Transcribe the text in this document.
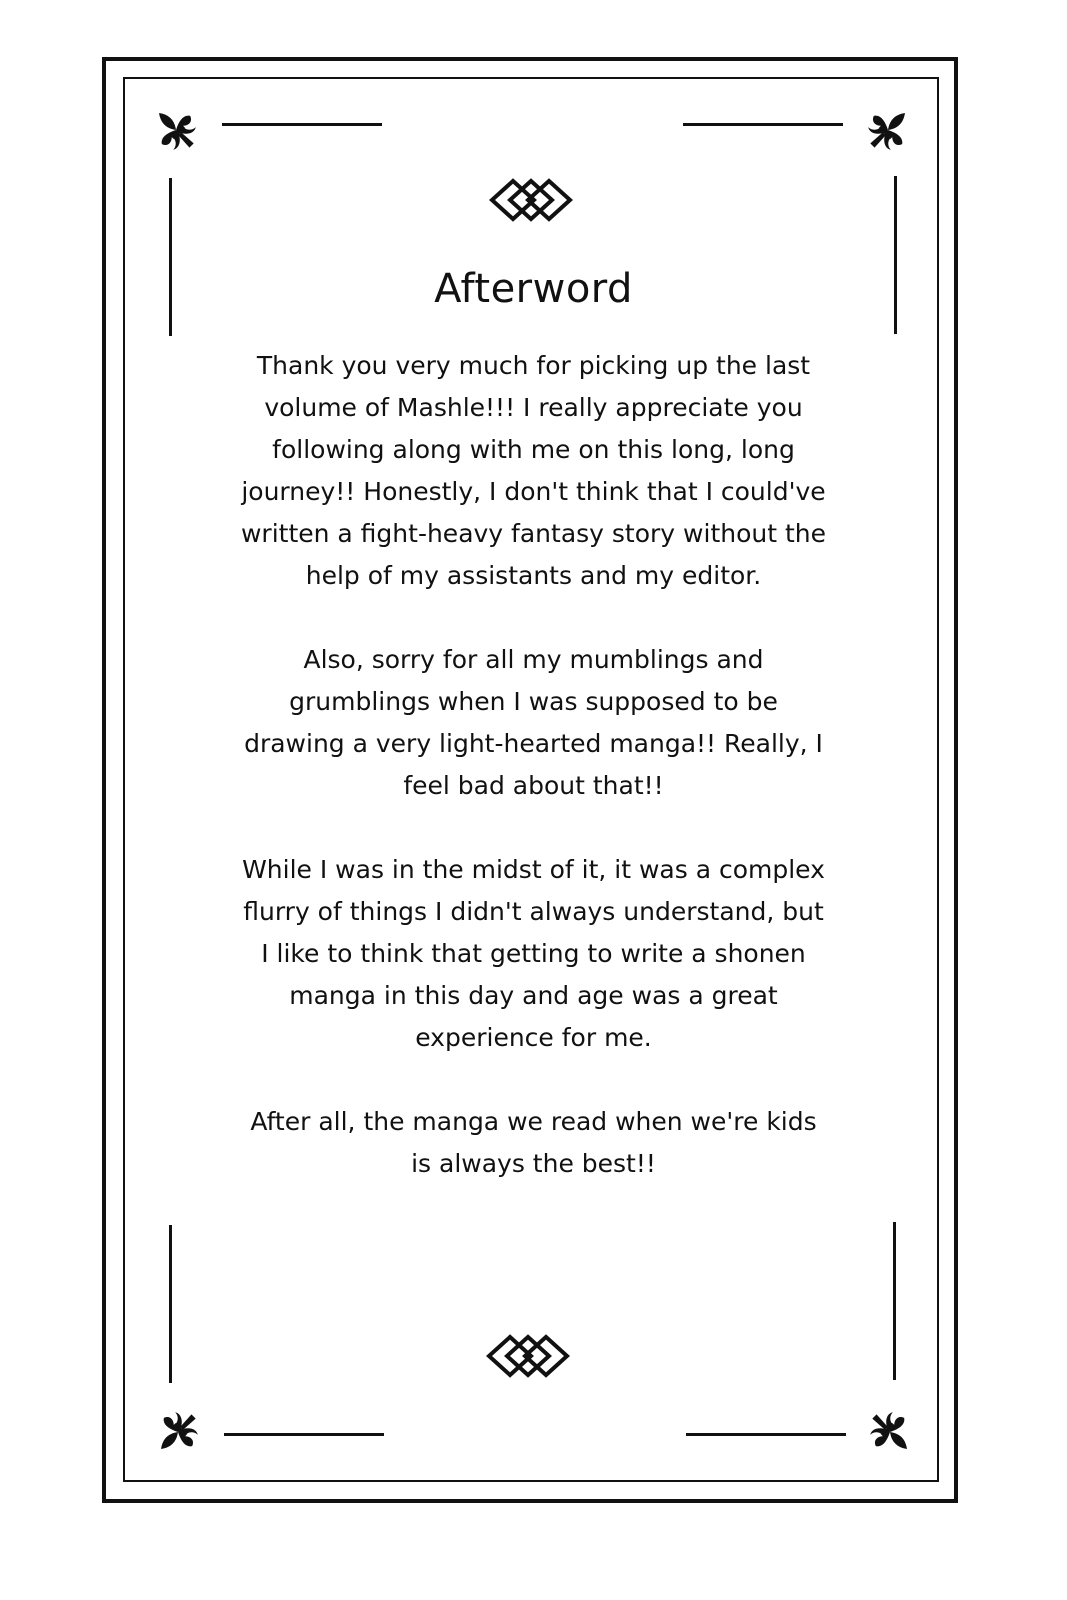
Afterword

Thank you very much for picking up the last volume of Mashle!!! I really appreciate you following along with me on this long, long journey!! Honestly, I don't think that I could've written a fight-heavy fantasy story without the help of my assistants and my editor.

Also, sorry for all my mumblings and grumblings when I was supposed to be drawing a very light-hearted manga!! Really, I feel bad about that!!

While I was in the midst of it, it was a complex flurry of things I didn't always understand, but I like to think that getting to write a shonen manga in this day and age was a great experience for me.

After all, the manga we read when we're kids is always the best!!
